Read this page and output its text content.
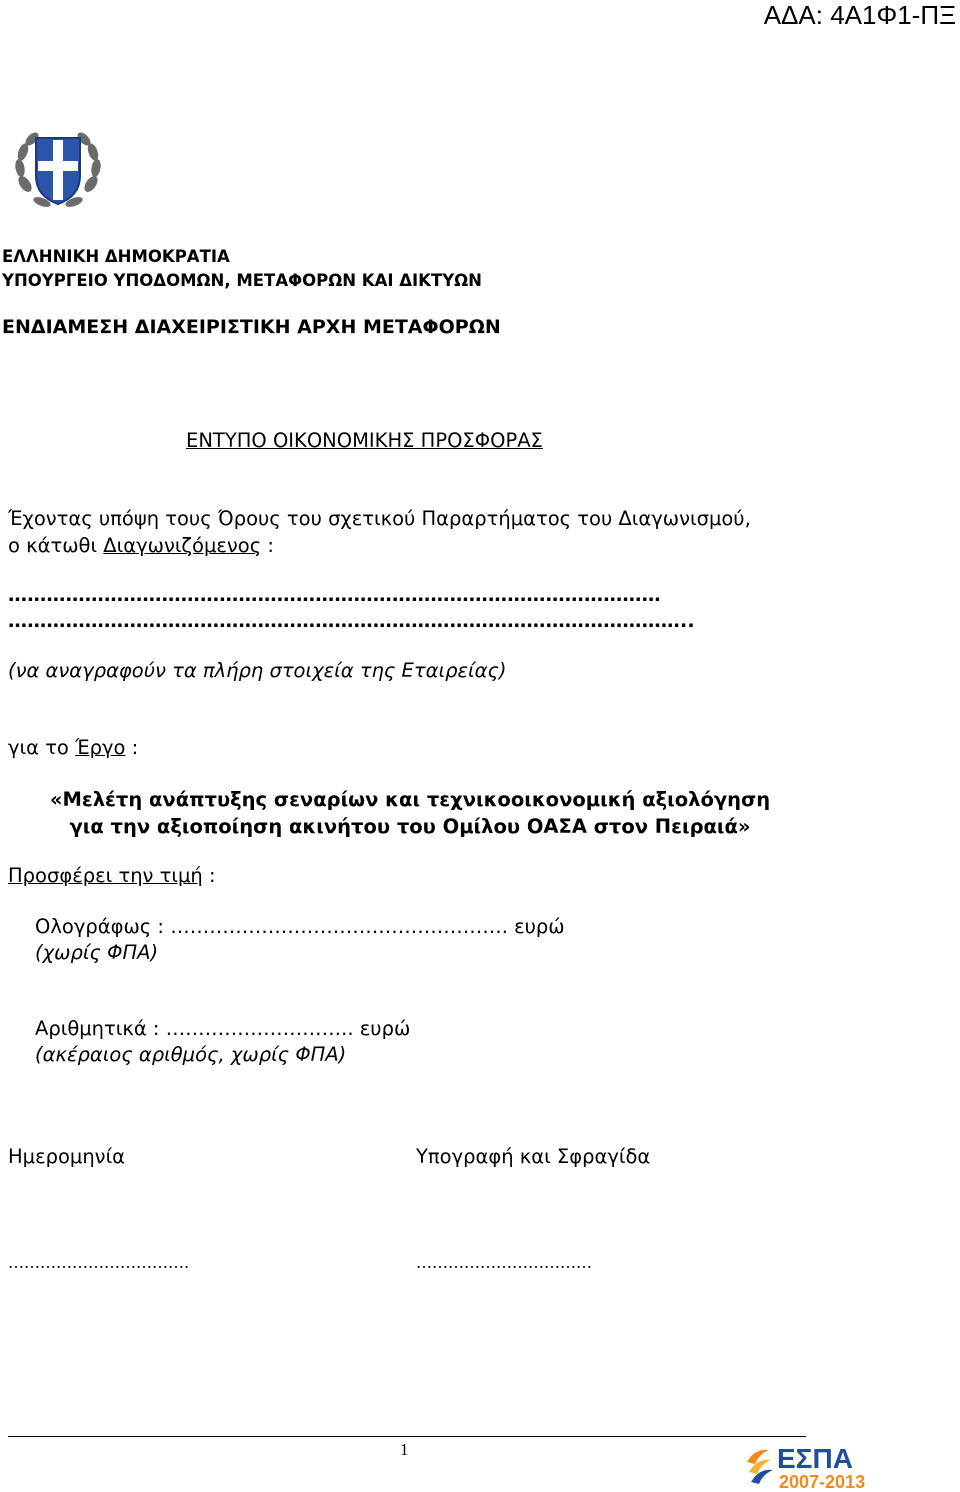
ΑΔΑ: 4Α1Φ1-ΠΞ
ΕΛΛΗΝΙΚΗ ΔΗΜΟΚΡΑΤΙΑ
ΥΠΟΥΡΓΕΙΟ ΥΠΟΔΟΜΩΝ, ΜΕΤΑΦΟΡΩΝ ΚΑΙ ΔΙΚΤΥΩΝ
ΕΝΔΙΑΜΕΣΗ ΔΙΑΧΕΙΡΙΣΤΙΚΗ ΑΡΧΗ ΜΕΤΑΦΟΡΩΝ
ΕΝΤΥΠΟ ΟΙΚΟΝΟΜΙΚΗΣ ΠΡΟΣΦΟΡΑΣ
Έχοντας υπόψη τους Όρους του σχετικού Παραρτήματος του Διαγωνισμού,
ο κάτωθι Διαγωνιζόμενος :
…………………………………………………………………………………………
……………………………………………………………………………………………..
(να αναγραφούν τα πλήρη στοιχεία της Εταιρείας)
για το Έργο :
«Μελέτη ανάπτυξης σεναρίων και τεχνικοοικονομική αξιολόγηση
για την αξιοποίηση ακινήτου του Ομίλου ΟΑΣΑ στον Πειραιά»
Προσφέρει την τιμή :
Ολογράφως : ……………………………………………. ευρώ
(χωρίς ΦΠΑ)
Αριθμητικά : ……………………….. ευρώ
(ακέραιος αριθμός, χωρίς ΦΠΑ)
Ημερομηνία	Υπογραφή και Σφραγίδα
…………………………….	……………………………
1	ΕΣΠΑ
2007-2013
